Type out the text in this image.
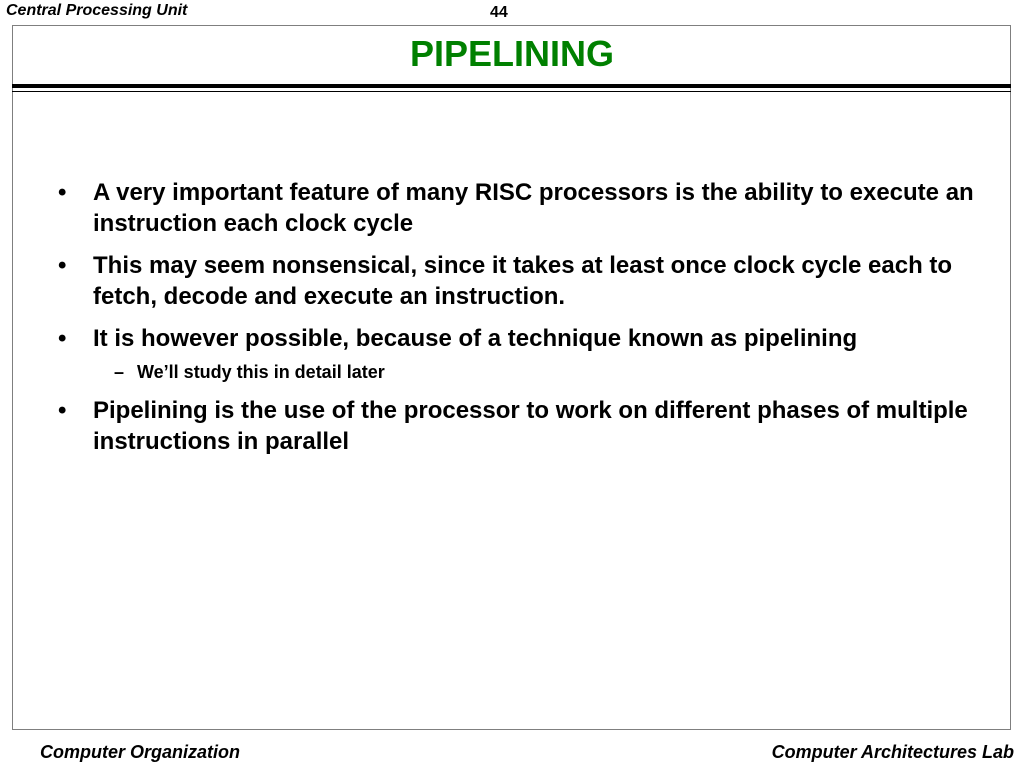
Central Processing Unit	44
PIPELINING
•	A very important feature of many RISC processors is the ability to execute an instruction each clock cycle
•	This may seem nonsensical, since it takes at least once clock cycle each to fetch, decode and execute an instruction.
•	It is however possible, because of a technique known as pipelining
– We’ll study this in detail later
•	Pipelining is the use of the processor to work on different phases of multiple instructions in parallel
Computer Organization	Computer Architectures Lab
